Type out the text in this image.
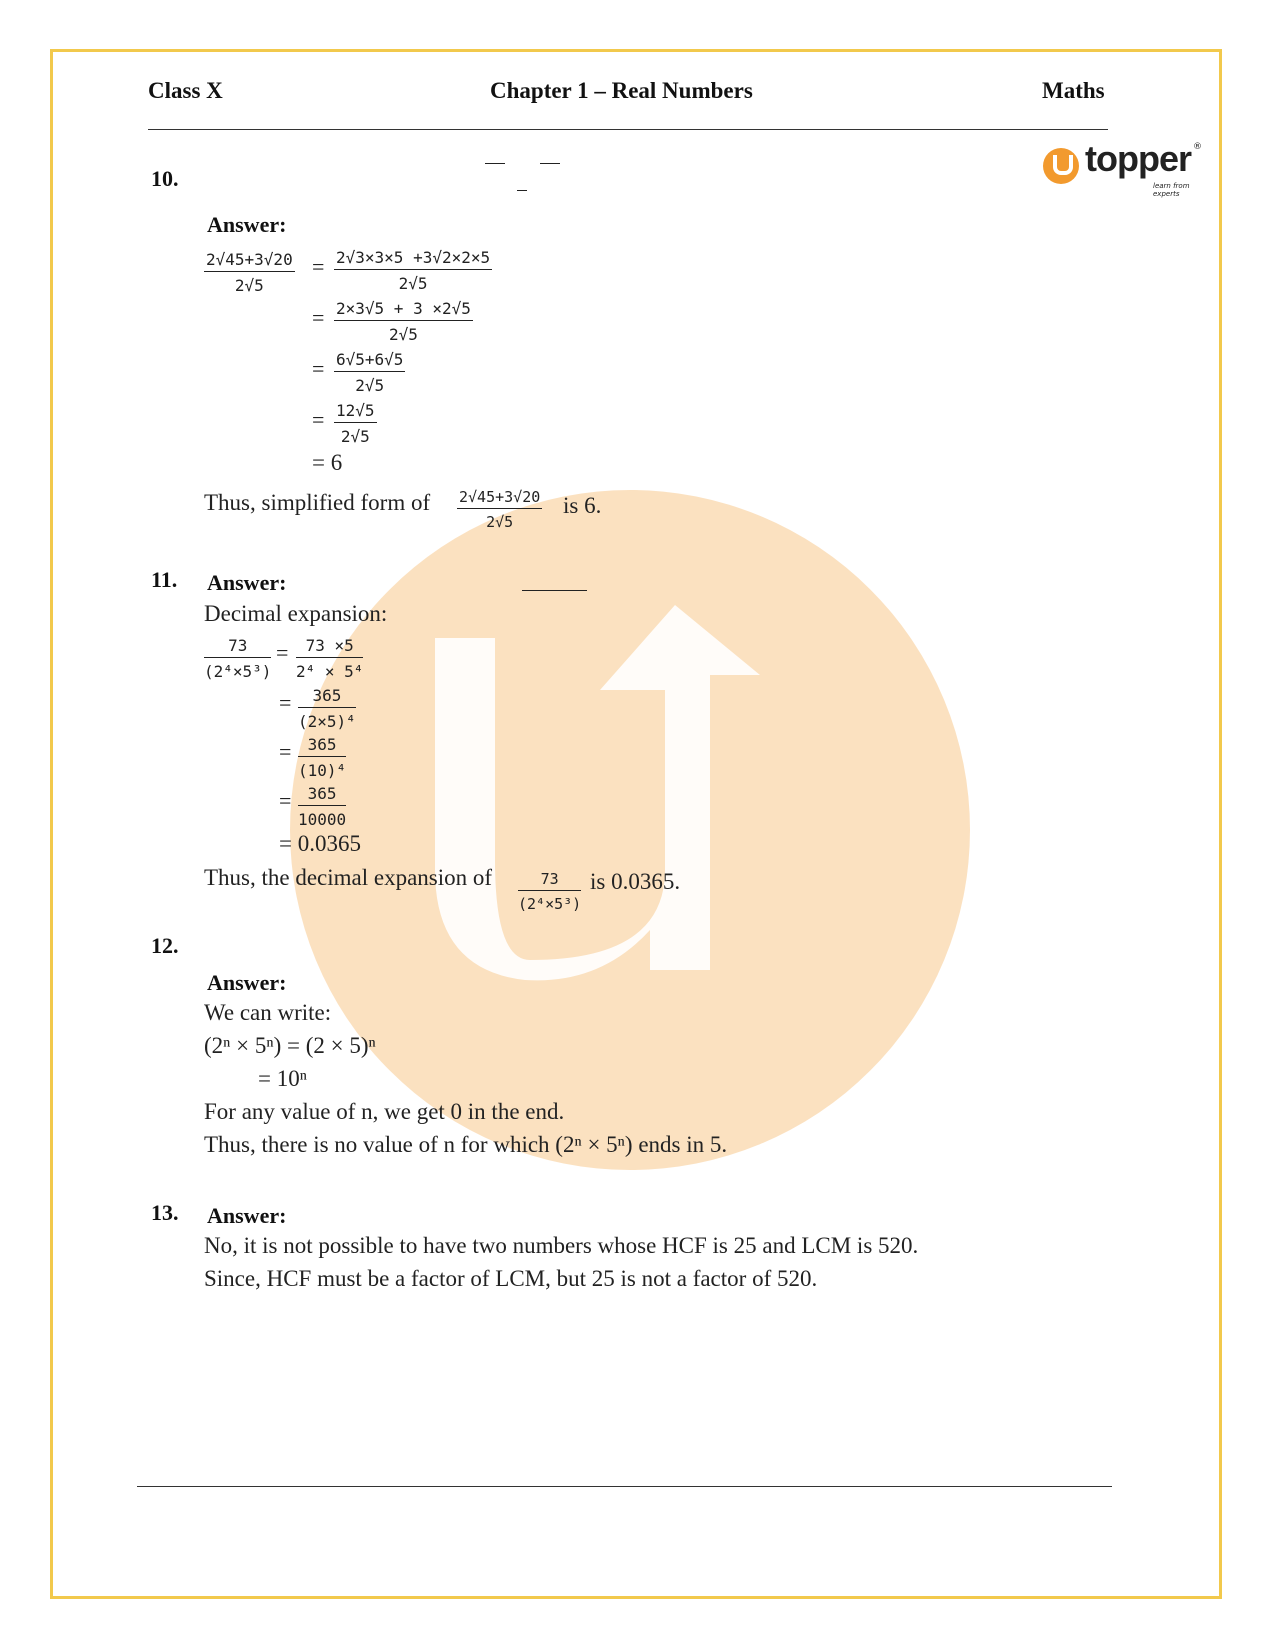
Class X	Chapter 1 – Real Numbers	Maths
topper ®
learn from experts
10.
Answer:
$\frac{2√45+3√20}{2√5} = \frac{2√3\times 3\times 5 +3√2\times 2\times 5}{2√5}$
= $\frac{2\times 3√5 + 3 \times 2√5}{2√5}$
= $\frac{6√5+6√5}{2√5}$
= $\frac{12√5}{2√5}$
= 6
Thus, simplified form of $\frac{2√45+3√20}{2√5}$ is 6.
11. Answer:
Decimal expansion:
$\frac{73}{\text{(2⁴×5³)}} = \frac{73 \times 5}{\text{2⁴ × 5⁴}}$
= $\frac{365}{\text{(2×5)⁴}}$
= $\frac{365}{\text{(10)⁴}}$
= $\frac{365}{10000}$
= 0.0365
Thus, the decimal expansion of $\frac{73}{\text{(2⁴×5³)}}$ is 0.0365.
12.
Answer:
We can write:
(2ⁿ × 5ⁿ) = (2 × 5)ⁿ
= 10ⁿ
For any value of n, we get 0 in the end.
Thus, there is no value of n for which (2ⁿ × 5ⁿ) ends in 5.
13. Answer:
No, it is not possible to have two numbers whose HCF is 25 and LCM is 520.
Since, HCF must be a factor of LCM, but 25 is not a factor of 520.
